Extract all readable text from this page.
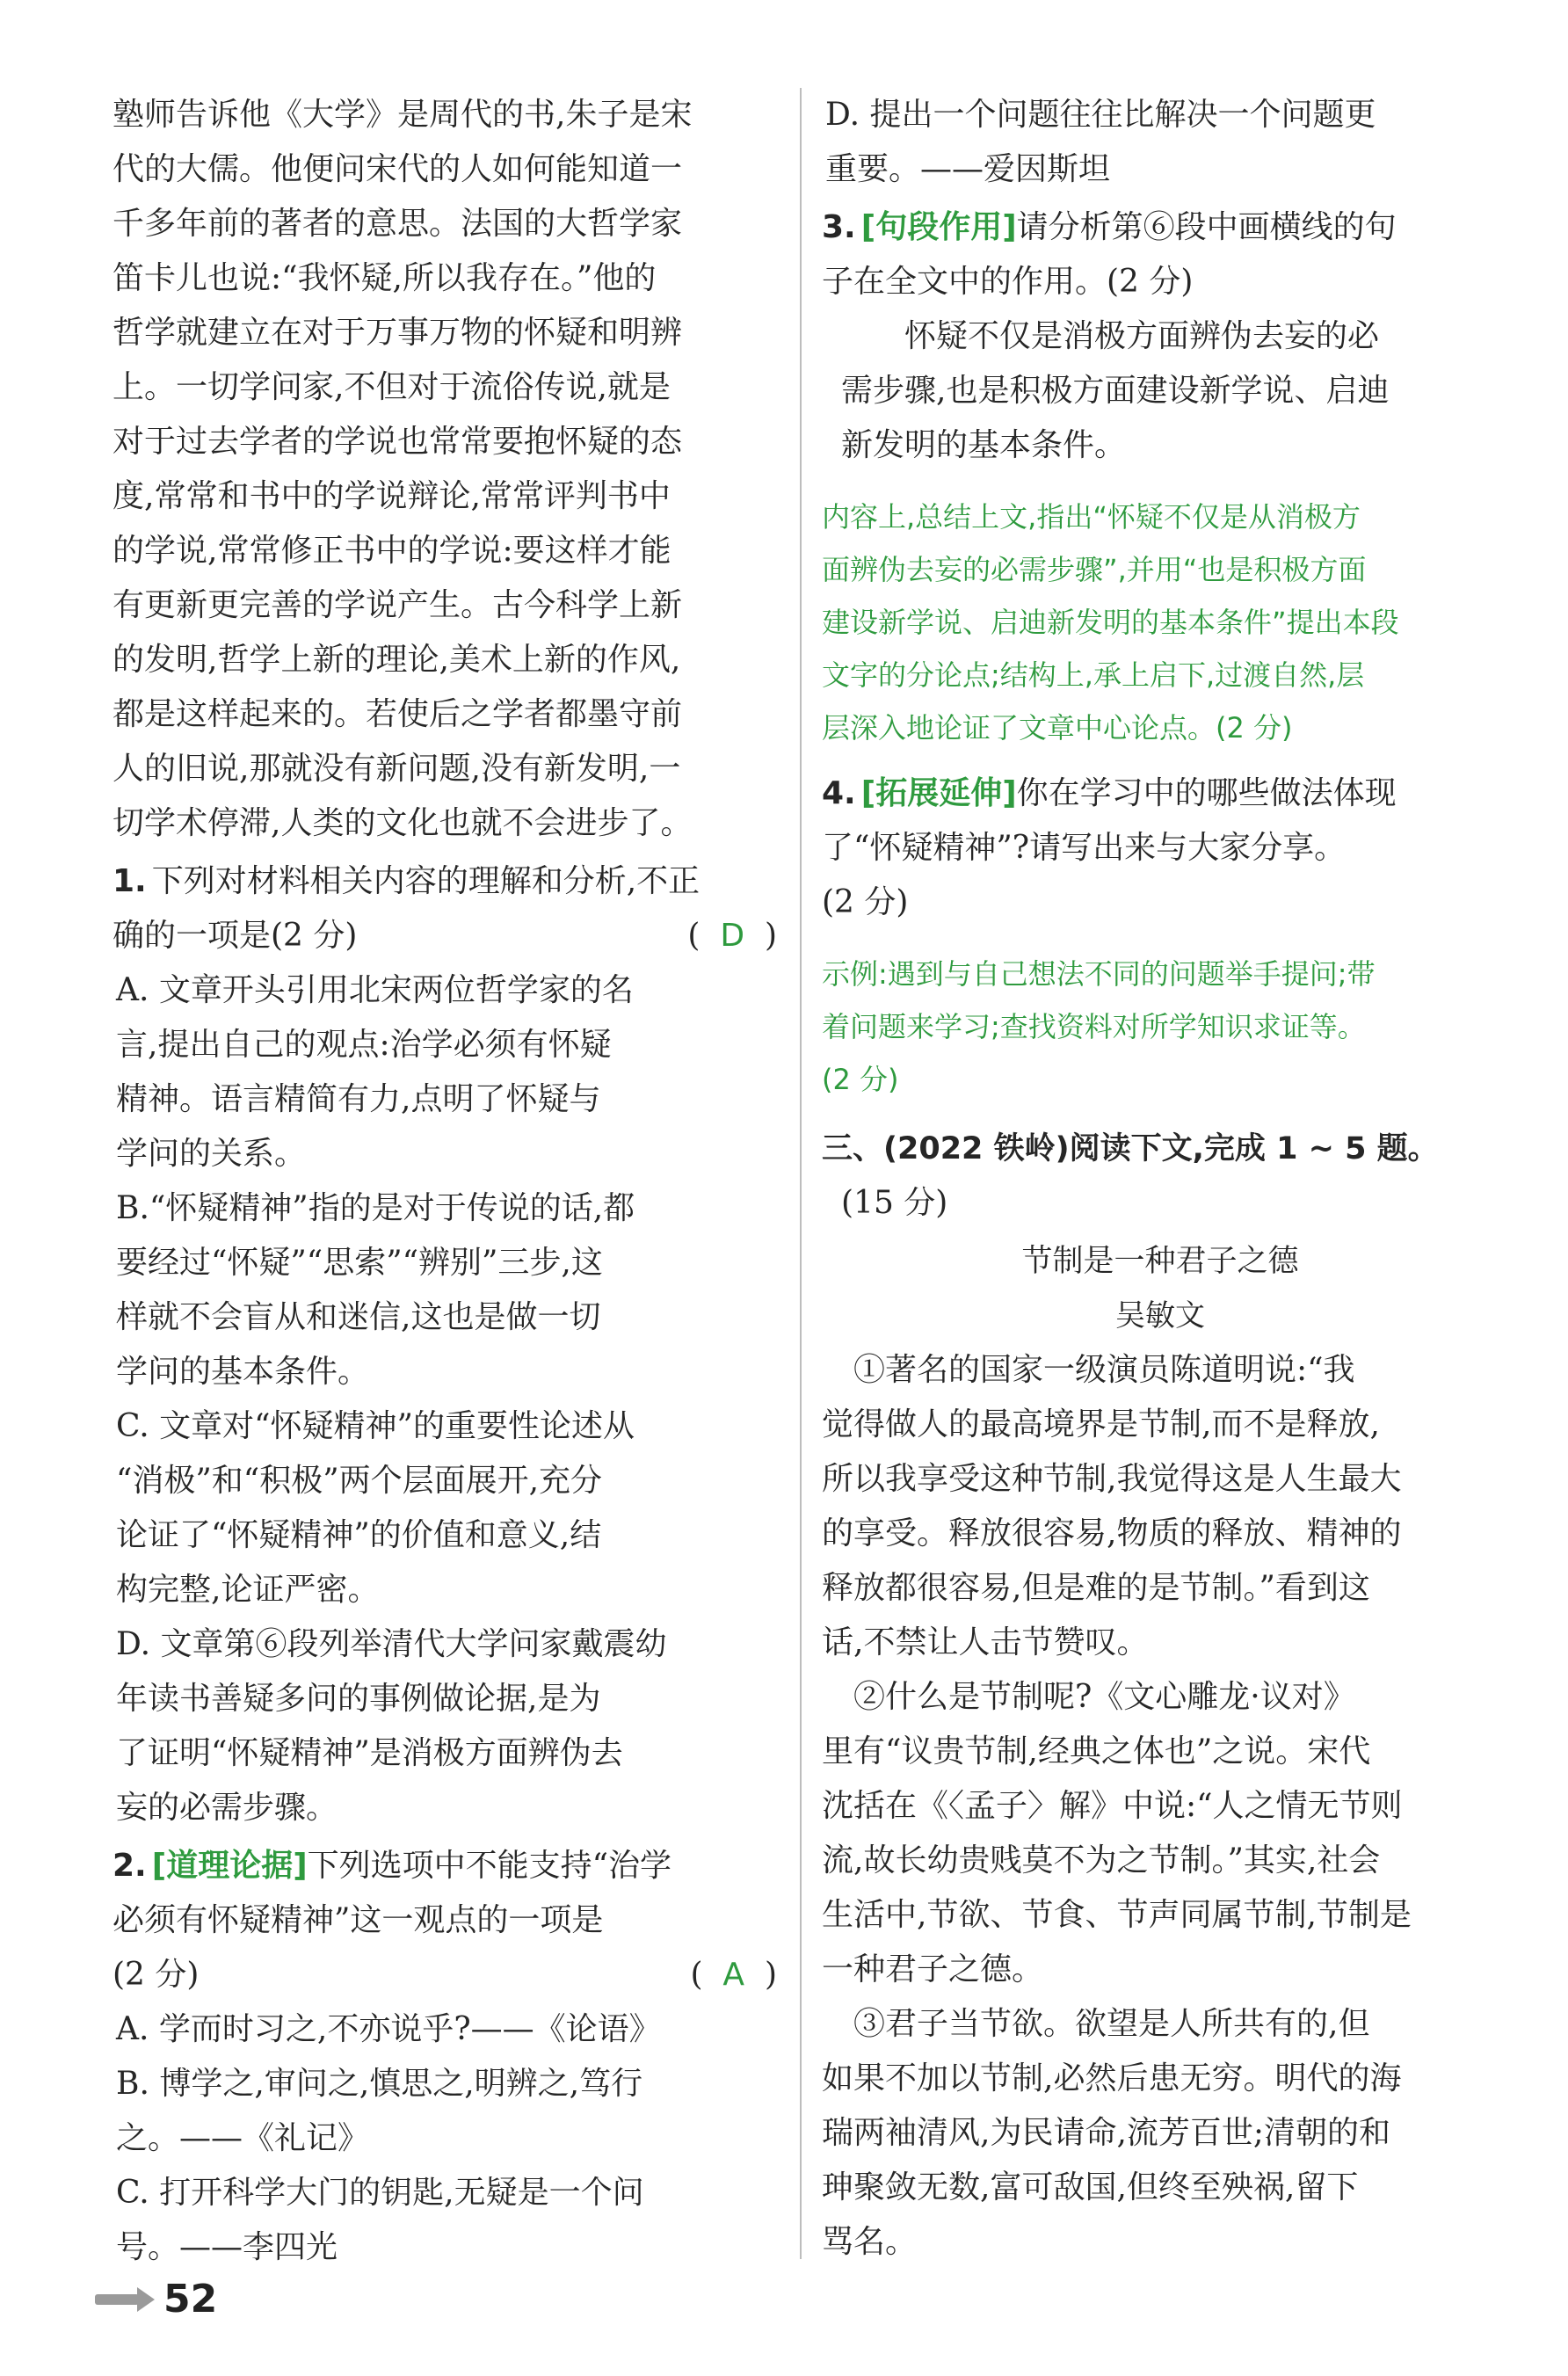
塾师告诉他《大学》是周代的书,朱子是宋
代的大儒。他便问宋代的人如何能知道一
千多年前的著者的意思。法国的大哲学家
笛卡儿也说:“我怀疑,所以我存在。”他的
哲学就建立在对于万事万物的怀疑和明辨
上。一切学问家,不但对于流俗传说,就是
对于过去学者的学说也常常要抱怀疑的态
度,常常和书中的学说辩论,常常评判书中
的学说,常常修正书中的学说:要这样才能
有更新更完善的学说产生。古今科学上新
的发明,哲学上新的理论,美术上新的作风,
都是这样起来的。若使后之学者都墨守前
人的旧说,那就没有新问题,没有新发明,一
切学术停滞,人类的文化也就不会进步了。

1. 下列对材料相关内容的理解和分析,不正
确的一项是(2 分)	( D )
A. 文章开头引用北宋两位哲学家的名
言,提出自己的观点:治学必须有怀疑
精神。语言精简有力,点明了怀疑与
学问的关系。
B.“怀疑精神”指的是对于传说的话,都
要经过“怀疑”“思索”“辨别”三步,这
样就不会盲从和迷信,这也是做一切
学问的基本条件。
C. 文章对“怀疑精神”的重要性论述从
“消极”和“积极”两个层面展开,充分
论证了“怀疑精神”的价值和意义,结
构完整,论证严密。
D. 文章第⑥段列举清代大学问家戴震幼
年读书善疑多问的事例做论据,是为
了证明“怀疑精神”是消极方面辨伪去
妄的必需步骤。
2. [道理论据]下列选项中不能支持“治学
必须有怀疑精神”这一观点的一项是
(2 分)	( A )
A. 学而时习之,不亦说乎?——《论语》
B. 博学之,审问之,慎思之,明辨之,笃行
之。——《礼记》
C. 打开科学大门的钥匙,无疑是一个问
号。——李四光
D. 提出一个问题往往比解决一个问题更
重要。——爱因斯坦
3. [句段作用]请分析第⑥段中画横线的句
子在全文中的作用。(2 分)

怀疑不仅是消极方面辨伪去妄的必
需步骤,也是积极方面建设新学说、启迪
新发明的基本条件。

内容上,总结上文,指出“怀疑不仅是从消极方
面辨伪去妄的必需步骤”,并用“也是积极方面
建设新学说、启迪新发明的基本条件”提出本段
文字的分论点;结构上,承上启下,过渡自然,层
层深入地论证了文章中心论点。(2 分)

4. [拓展延伸]你在学习中的哪些做法体现
了“怀疑精神”?请写出来与大家分享。
(2 分)

示例:遇到与自己想法不同的问题举手提问;带
着问题来学习;查找资料对所学知识求证等。
(2 分)

三、(2022 铁岭)阅读下文,完成 1 ~ 5 题。
(15 分)
节制是一种君子之德
吴敏文

①著名的国家一级演员陈道明说:“我
觉得做人的最高境界是节制,而不是释放,
所以我享受这种节制,我觉得这是人生最大
的享受。释放很容易,物质的释放、精神的
释放都很容易,但是难的是节制。”看到这
话,不禁让人击节赞叹。

②什么是节制呢?《文心雕龙·议对》
里有“议贵节制,经典之体也”之说。宋代
沈括在《〈孟子〉解》中说:“人之情无节则
流,故长幼贵贱莫不为之节制。”其实,社会
生活中,节欲、节食、节声同属节制,节制是
一种君子之德。

③君子当节欲。欲望是人所共有的,但
如果不加以节制,必然后患无穷。明代的海
瑞两袖清风,为民请命,流芳百世;清朝的和
珅聚敛无数,富可敌国,但终至殃祸,留下
骂名。

52
